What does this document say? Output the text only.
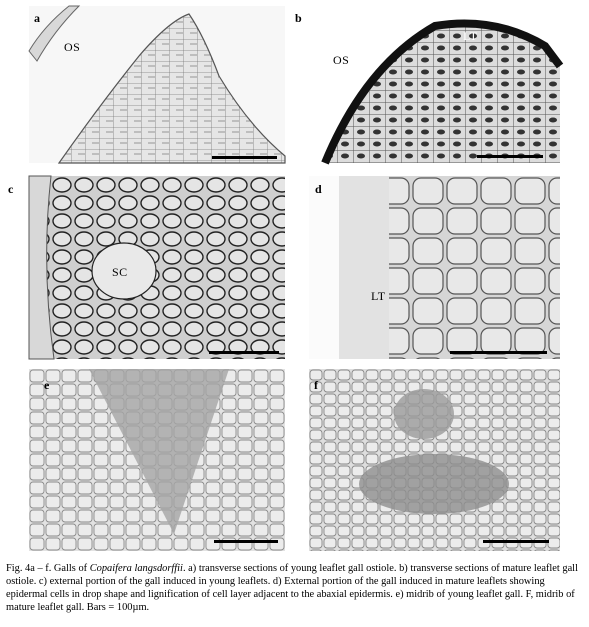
a
OS
b
OS
LT
c
SC
d
LT
e	f
Fig. 4a – f. Galls of Copaifera langsdorffii. a) transverse sections of young leaflet gall ostiole. b) transverse sections of mature leaflet gall ostiole. c) external portion of the gall induced in young leaflets. d) External portion of the gall induced in mature leaflets showing epidermal cells in drop shape and lignification of cell layer adjacent to the abaxial epidermis. e) midrib of young leaflet gall. F, midrib of mature leaflet gall. Bars = 100µm.
